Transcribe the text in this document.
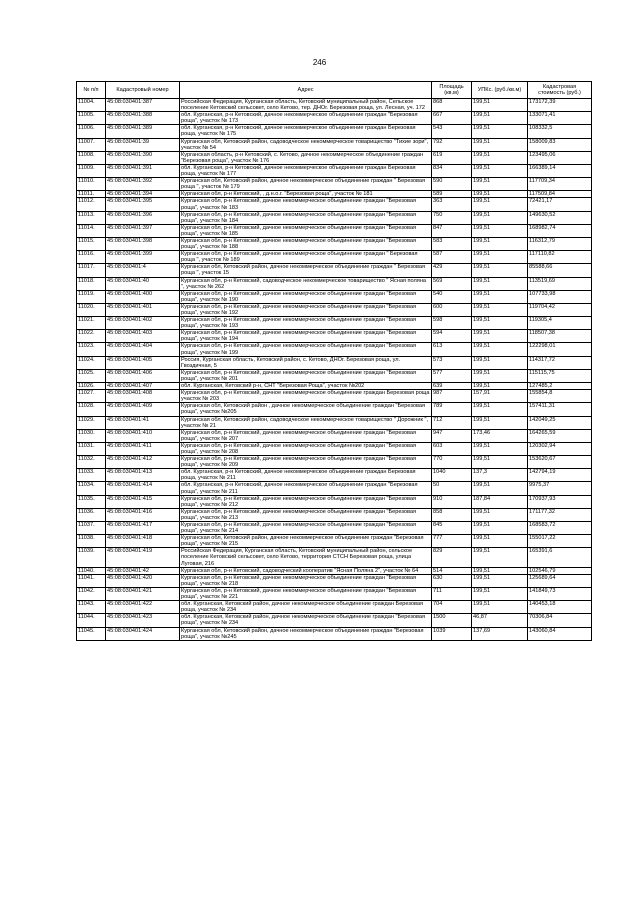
246
№ п/п	Кадастровый номер	Адрес	Площадь (кв.м)	УПКс. (руб./кв.м)	Кадастровая стоимость (руб.)
11004.	45:08:030401:387	Российская Федерация, Курганская область, Кетовский муниципальный район, Сельское поселение Кетовский сельсовет, село Кетово, тер. ДНОг. Березовая роща, ул. Лесная, уч. 172	868	199,51	173172,39
11005.	45:08:030401:388	обл. Курганская, р-н Кетовский, дачное некоммерческое объединение граждан "Березовая роща", участок № 173	667	199,51	133071,41
11006.	45:08:030401:389	обл. Курганская, р-н Кетовский, дачное некоммерческое объединение граждан Березовая роща, участок № 175	543	199,51	108332,5
11007.	45:08:030401:39	Курганская обл, Кетовский район, садоводческое некоммерческое товарищество "Тихие зори", участок № 54	792	199,51	158009,83
11008.	45:08:030401:390	Курганская область, р-н Кетовский, с. Кетово, дачное некоммерческое объединение граждан "Березовая роща", участок № 176	619	199,51	123495,06
11009.	45:08:030401:391	обл. Курганская, р-н Кетовский, дачное некоммерческое объединение граждан Березовая роща, участок № 177	834	199,51	166389,14
11010.	45:08:030401:392	Курганская обл, Кетовский район, дачное некоммерческое объединение граждан " Березовая роща ", участок № 179	590	199,51	117709,34
11011.	45:08:030401:394	Курганская обл, р-н Кетовский, , д.н.о.г. "Березовая роща", участок № 181	589	199,51	117509,84
11012.	45:08:030401:395	Курганская обл, р-н Кетовский, дачное некоммерческое объединение граждан "Березовая роща", участок № 183	363	199,51	72421,17
11013.	45:08:030401:396	Курганская обл, р-н Кетовский, дачное некоммерческое объединение граждан "Березовая роща", участок № 184	750	199,51	149630,52
11014.	45:08:030401:397	Курганская обл, р-н Кетовский, дачное некоммерческое объединение граждан "Березовая роща", участок № 185	847	199,51	168982,74
11015.	45:08:030401:398	Курганская обл, р-н Кетовский, дачное некоммерческое объединение граждан "Березовая роща", участок № 188	583	199,51	116312,79
11016.	45:08:030401:399	Курганская обл, р-н Кетовский, дачное некоммерческое объединение граждан " Березовая роща ", участок № 189	587	199,51	117110,82
11017.	45:08:030401:4	Курганская обл, Кетовский район, дачное некоммерческое объединение граждан " Березовая роща ", участок 15	429	199,51	85588,66
11018.	45:08:030401:40	Курганская обл, р-н Кетовский, садоводческое некоммерческое товарищество " Ясная поляна ", участок № 262	569	199,51	113519,69
11019.	45:08:030401:400	Курганская обл, р-н Кетовский, дачное некоммерческое объединение граждан "Березовая роща", участок № 190	540	199,51	107733,98
11020.	45:08:030401:401	Курганская обл, р-н Кетовский, дачное некоммерческое объединение граждан "Березовая роща", участок № 192	600	199,51	119704,42
11021.	45:08:030401:402	Курганская обл, р-н Кетовский, дачное некоммерческое объединение граждан "Березовая роща", участок № 193	598	199,51	119305,4
11022.	45:08:030401:403	Курганская обл, р-н Кетовский, дачное некоммерческое объединение граждан "Березовая роща", участок № 194	594	199,51	118507,38
11023.	45:08:030401:404	Курганская обл, р-н Кетовский, дачное некоммерческое объединение граждан "Березовая роща", участок № 199	613	199,51	122298,01
11024.	45:08:030401:405	Россия, Курганская область, Кетовский район, с. Кетово, ДНОг. Березовая роща, ул. Гвоздичная, 5	573	199,51	114317,72
11025.	45:08:030401:406	Курганская обл, р-н Кетовский, дачное некоммерческое объединение граждан "Березовая роща", участок № 201	577	199,51	115115,75
11026.	45:08:030401:407	обл. Курганская, Кетовский р-н, СНТ "Березовая Роща", участок №202	639	199,51	127485,2
11027.	45:08:030401:408	Курганская обл, р-н Кетовский, дачное некоммерческое объединение граждан Березовая роща участок № 203	987	157,91	155854,8
11028.	45:08:030401:409	Курганская обл, Кетовский район , дачное некоммерческое объединение граждан "Березовая роща", участок №205	789	199,51	157411,31
11029.	45:08:030401:41	Курганская обл, Кетовский район, садоводческое некоммерческое товарищество " Дорожник ", участок № 21	712	199,51	142049,25
11030.	45:08:030401:410	Курганская обл, р-н Кетовский, дачное некоммерческое объединение граждан "Березовая роща", участок № 207	947	173,46	164265,59
11031.	45:08:030401:411	Курганская обл, р-н Кетовский, дачное некоммерческое объединение граждан "Березовая роща", участок № 208	603	199,51	120302,94
11032.	45:08:030401:412	Курганская обл, р-н Кетовский, дачное некоммерческое объединение граждан "Березовая роща", участок № 209	770	199,51	153620,67
11033.	45:08:030401:413	обл. Курганская, р-н Кетовский, дачное некоммерческое объединение граждан Березовая роща, участок № 211	1040	137,3	142794,19
11034.	45:08:030401:414	обл. Курганская, р-н Кетовский, дачное некоммерческое объединение граждан "Березовая роща", участок № 211	50	199,51	9975,37
11035.	45:08:030401:415	Курганская обл, р-н Кетовский, дачное некоммерческое объединение граждан "Березовая роща", участок № 212	910	187,84	170937,93
11036.	45:08:030401:416	Курганская обл, р-н Кетовский, дачное некоммерческое объединение граждан "Березовая роща", участок № 213	858	199,51	171177,32
11037.	45:08:030401:417	Курганская обл, р-н Кетовский, дачное некоммерческое объединение граждан "Березовая роща", участок № 214	845	199,51	168583,72
11038.	45:08:030401:418	Курганская обл, Кетовский район, дачное некоммерческое объединение граждан "Березовая роща", участок № 215	777	199,51	155017,22
11039.	45:08:030401:419	Российская Федерация, Курганская область, Кетовский муниципальный район, сельское поселение Кетовский сельсовет, село Кетово, территория СТСН Березовая роща, улица Луговая, 216	829	199,51	165391,6
11040.	45:08:030401:42	Курганская обл, р-н Кетовский, садоводческий кооператив "Ясная Поляна 2", участок № 64	514	199,51	102546,79
11041.	45:08:030401:420	Курганская обл, р-н Кетовский, дачное некоммерческое объединение граждан "Березовая роща", участок № 218	630	199,51	125689,64
11042.	45:08:030401:421	Курганская обл, р-н Кетовский, дачное некоммерческое объединение граждан "Березовая роща", участок № 221	711	199,51	141849,73
11043.	45:08:030401:422	обл. Курганская, Кетовский район, дачное некоммерческое объединение граждан Березовая роща, участок № 234	704	199,51	140453,18
11044.	45:08:030401:423	обл. Курганская, Кетовский район, дачное некоммерческое объединение граждан "Березовая роща", участок № 234	1500	46,87	70306,84
11045.	45:08:030401:424	Курганская обл, Кетовский район, дачное некоммерческое объединение граждан "Березовая роща", участок №245	1039	137,69	143060,84
